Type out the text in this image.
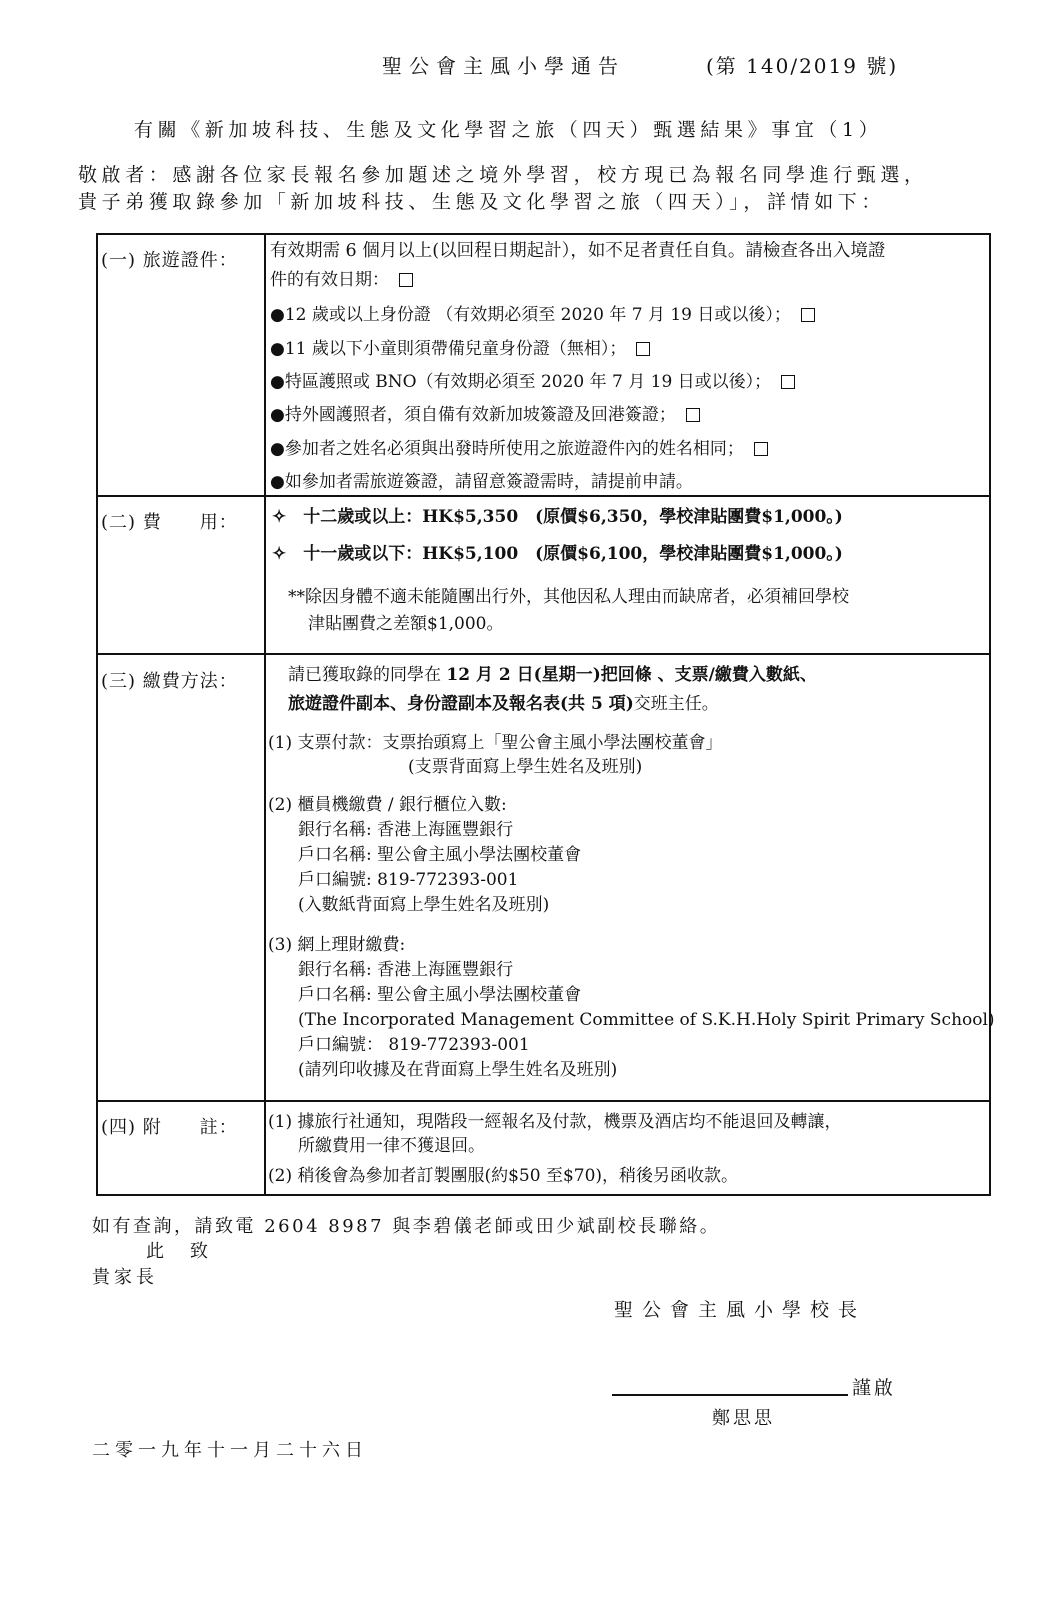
聖公會主風小學通告	(第 140/2019 號)
有關《新加坡科技、生態及文化學習之旅（四天）甄選結果》事宜（1）
敬啟者：感謝各位家長報名參加題述之境外學習，校方現已為報名同學進行甄選，
貴子弟獲取錄參加「新加坡科技、生態及文化學習之旅（四天）」，詳情如下：
(一) 旅遊證件： 有效期需 6 個月以上(以回程日期起計），如不足者責任自負。請檢查各出入境證
件的有效日期：
●12 歲或以上身份證 （有效期必須至 2020 年 7 月 19 日或以後）；
●11 歲以下小童則須帶備兒童身份證（無相）；
●特區護照或 BNO（有效期必須至 2020 年 7 月 19 日或以後）；
●持外國護照者，須自備有效新加坡簽證及回港簽證；
●參加者之姓名必須與出發時所使用之旅遊證件內的姓名相同；
●如參加者需旅遊簽證，請留意簽證需時，請提前申請。
(二) 費　　用： ✧　十二歲或以上：HK$5,350　(原價$6,350，學校津貼團費$1,000。)
✧　十一歲或以下：HK$5,100　(原價$6,100，學校津貼團費$1,000。)
**除因身體不適未能隨團出行外，其他因私人理由而缺席者，必須補回學校
津貼團費之差額$1,000。
(三) 繳費方法：	請已獲取錄的同學在 12 月 2 日(星期一)把回條 、支票/繳費入數紙、
旅遊證件副本、身份證副本及報名表(共 5 項)交班主任。
(1) 支票付款：支票抬頭寫上「聖公會主風小學法團校董會」
(支票背面寫上學生姓名及班別)
(2) 櫃員機繳費 / 銀行櫃位入數:
銀行名稱: 香港上海匯豐銀行
戶口名稱: 聖公會主風小學法團校董會
戶口編號: 819-772393-001
(入數紙背面寫上學生姓名及班別)
(3) 網上理財繳費:
銀行名稱: 香港上海匯豐銀行
戶口名稱: 聖公會主風小學法團校董會
(The Incorporated Management Committee of S.K.H.Holy Spirit Primary School)
戶口編號： 819-772393-001
(請列印收據及在背面寫上學生姓名及班別)
(四) 附　　註： (1) 據旅行社通知，現階段一經報名及付款，機票及酒店均不能退回及轉讓，
所繳費用一律不獲退回。
(2) 稍後會為參加者訂製團服(約$50 至$70)，稍後另函收款。
如有查詢，請致電 2604 8987 與李碧儀老師或田少斌副校長聯絡。
此　致
貴家長
聖公會主風小學校長
謹啟
鄭思思
二零一九年十一月二十六日
